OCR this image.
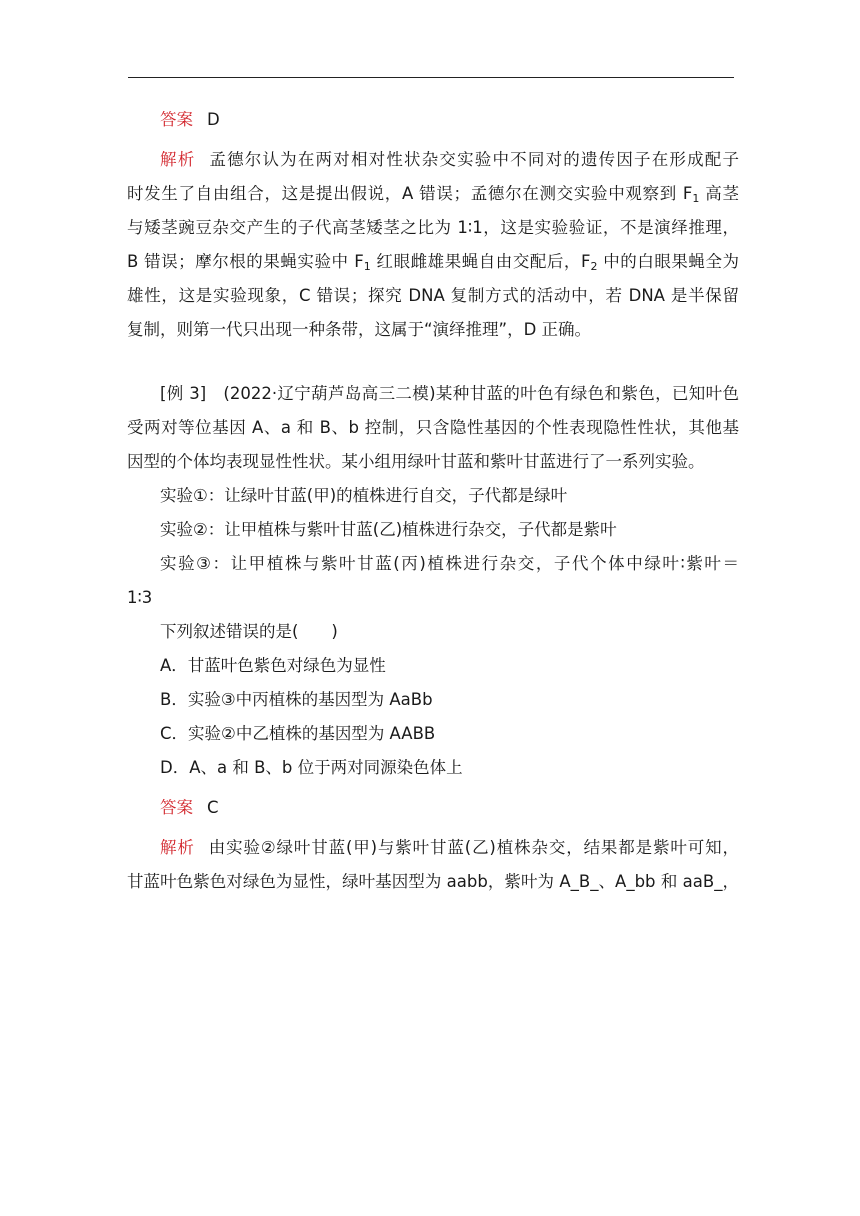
答案 D
解析 孟德尔认为在两对相对性状杂交实验中不同对的遗传因子在形成配子
时发生了自由组合，这是提出假说，A 错误；孟德尔在测交实验中观察到 $F_1$ 高茎
与矮茎豌豆杂交产生的子代高茎矮茎之比为 1∶1，这是实验验证，不是演绎推理，
B 错误；摩尔根的果蝇实验中 $F_1$ 红眼雌雄果蝇自由交配后，$F_2$ 中的白眼果蝇全为
雄性，这是实验现象，C 错误；探究 DNA 复制方式的活动中，若 DNA 是半保留
复制，则第一代只出现一种条带，这属于“演绎推理”，D 正确。
[例 3]　(2022·辽宁葫芦岛高三二模)某种甘蓝的叶色有绿色和紫色，已知叶色
受两对等位基因 A、a 和 B、b 控制，只含隐性基因的个性表现隐性性状，其他基
因型的个体均表现显性性状。某小组用绿叶甘蓝和紫叶甘蓝进行了一系列实验。
实验①：让绿叶甘蓝(甲)的植株进行自交，子代都是绿叶
实验②：让甲植株与紫叶甘蓝(乙)植株进行杂交，子代都是紫叶
实验③：让甲植株与紫叶甘蓝(丙)植株进行杂交，子代个体中绿叶∶紫叶＝
1∶3
下列叙述错误的是(　　)
A．甘蓝叶色紫色对绿色为显性
B．实验③中丙植株的基因型为 AaBb
C．实验②中乙植株的基因型为 AABB
D．A、a 和 B、b 位于两对同源染色体上
答案 C
解析 由实验②绿叶甘蓝(甲)与紫叶甘蓝(乙)植株杂交，结果都是紫叶可知，
甘蓝叶色紫色对绿色为显性，绿叶基因型为 aabb，紫叶为 A_B_、A_bb 和 aaB_，
